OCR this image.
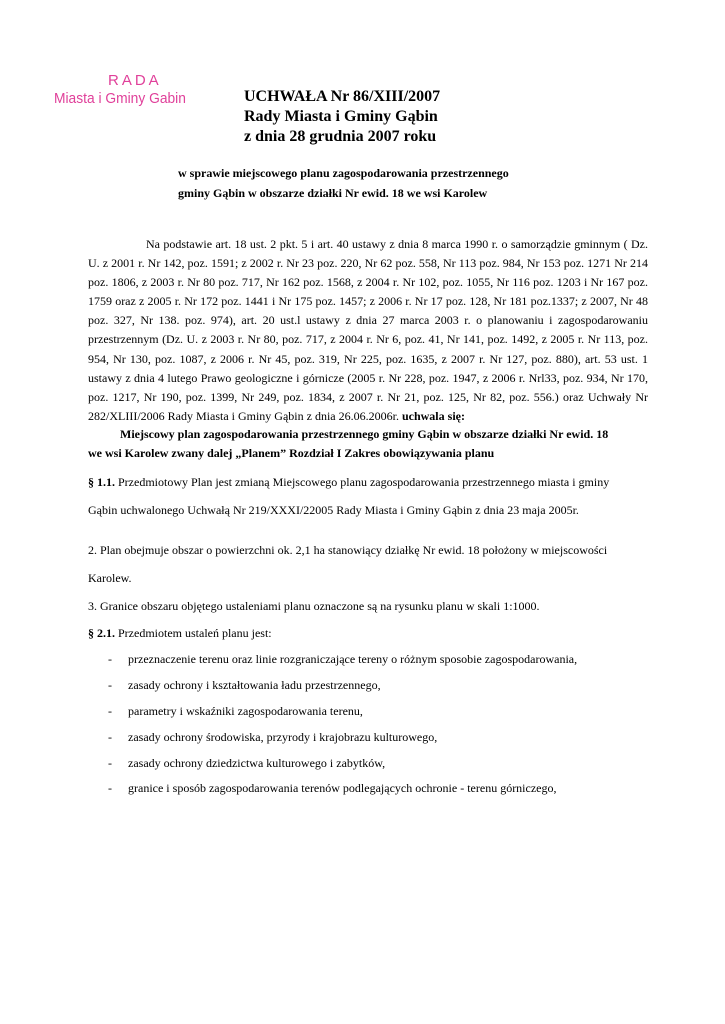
RADA
Miasta i Gminy Gabin	UCHWAŁA Nr 86/XIII/2007
Rady Miasta i Gminy Gąbin
z dnia 28 grudnia 2007 roku
w sprawie miejscowego planu zagospodarowania przestrzennego
gminy Gąbin w obszarze działki Nr ewid. 18 we wsi Karolew
Na podstawie art. 18 ust. 2 pkt. 5 i art. 40 ustawy z dnia 8 marca 1990 r. o samorządzie gminnym ( Dz. U. z 2001 r. Nr 142, poz. 1591; z 2002 r. Nr 23 poz. 220, Nr 62 poz. 558, Nr 113 poz. 984, Nr 153 poz. 1271 Nr 214 poz. 1806, z 2003 r. Nr 80 poz. 717, Nr 162 poz. 1568, z 2004 r. Nr 102, poz. 1055, Nr 116 poz. 1203 i Nr 167 poz. 1759 oraz z 2005 r. Nr 172 poz. 1441 i Nr 175 poz. 1457; z 2006 r. Nr 17 poz. 128, Nr 181 poz.1337; z 2007, Nr 48 poz. 327, Nr 138. poz. 974), art. 20 ust.l ustawy z dnia 27 marca 2003 r. o planowaniu i zagospodarowaniu przestrzennym (Dz. U. z 2003 r. Nr 80, poz. 717, z 2004 r. Nr 6, poz. 41, Nr 141, poz. 1492, z 2005 r. Nr 113, poz. 954, Nr 130, poz. 1087, z 2006 r. Nr 45, poz. 319, Nr 225, poz. 1635, z 2007 r. Nr 127, poz. 880), art. 53 ust. 1 ustawy z dnia 4 lutego Prawo geologiczne i górnicze (2005 r. Nr 228, poz. 1947, z 2006 r. Nrl33, poz. 934, Nr 170, poz. 1217, Nr 190, poz. 1399, Nr 249, poz. 1834, z 2007 r. Nr 21, poz. 125, Nr 82, poz. 556.) oraz Uchwały Nr 282/XLIII/2006 Rady Miasta i Gminy Gąbin z dnia 26.06.2006r. uchwala się:
Miejscowy plan zagospodarowania przestrzennego gminy Gąbin w obszarze działki Nr ewid. 18
we wsi Karolew zwany dalej „Planem” Rozdział I Zakres obowiązywania planu
§ 1.1. Przedmiotowy Plan jest zmianą Miejscowego planu zagospodarowania przestrzennego miasta i gminy
Gąbin uchwalonego Uchwałą Nr 219/XXXI/22005 Rady Miasta i Gminy Gąbin z dnia 23 maja 2005r.
2. Plan obejmuje obszar o powierzchni ok. 2,1 ha stanowiący działkę Nr ewid. 18 położony w miejscowości
Karolew.
3. Granice obszaru objętego ustaleniami planu oznaczone są na rysunku planu w skali 1:1000.
§ 2.1. Przedmiotem ustaleń planu jest:
- przeznaczenie terenu oraz linie rozgraniczające tereny o różnym sposobie zagospodarowania,
- zasady ochrony i kształtowania ładu przestrzennego,
- parametry i wskaźniki zagospodarowania terenu,
- zasady ochrony środowiska, przyrody i krajobrazu kulturowego,
- zasady ochrony dziedzictwa kulturowego i zabytków,
- granice i sposób zagospodarowania terenów podlegających ochronie - terenu górniczego,
